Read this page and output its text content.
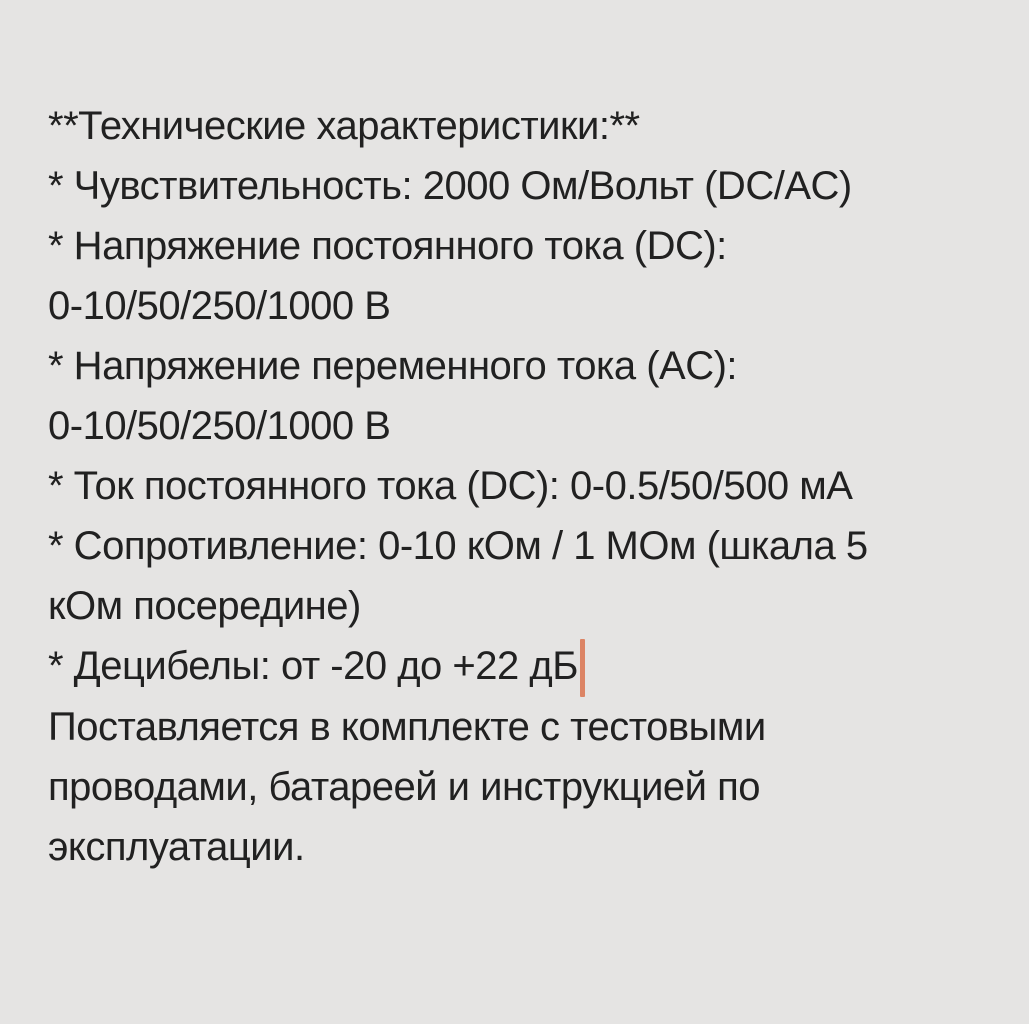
**Технические характеристики:**
* Чувствительность: 2000 Ом/Вольт (DC/AC)
* Напряжение постоянного тока (DC):
0-10/50/250/1000 В
* Напряжение переменного тока (AC):
0-10/50/250/1000 В
* Ток постоянного тока (DC): 0-0.5/50/500 мА
* Сопротивление: 0-10 кОм / 1 МОм (шкала 5
кОм посередине)
* Децибелы: от -20 до +22 дБ
Поставляется в комплекте с тестовыми
проводами, батареей и инструкцией по
эксплуатации.
